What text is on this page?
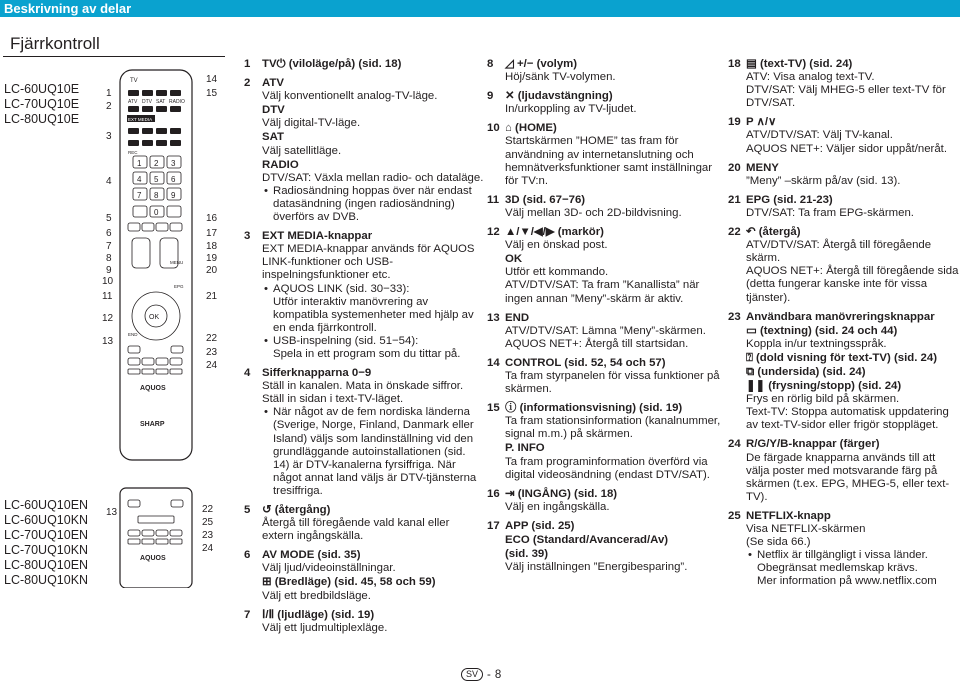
Beskrivning av delar
Fjärrkontroll
LC-60UQ10E
LC-70UQ10E
LC-80UQ10E
LC-60UQ10EN
LC-60UQ10KN
LC-70UQ10EN
LC-70UQ10KN
LC-80UQ10EN
LC-80UQ10KN
TV
ATV DTV SAT RADIO
EXT MEDIA
REC
1 2 3
4 5 6
7 8 9
0
MENU
EPG
END
OK
AQUOS
SHARP
AQUOS
1
2
3
4
5
6
7
8
9
10
11
12
13
14
15
16
17
18
19
20
21
22
23
24
13	22
25
23
24
1 TV⏻ (viloläge/på) (sid. 18)
2 ATV
Välj konventionellt analog-TV-läge.
DTV
Välj digital-TV-läge.
SAT
Välj satellitläge.
RADIO
DTV/SAT: Växla mellan radio- och dataläge.
• Radiosändning hoppas över när endast datasändning (ingen radiosändning) överförs av DVB.
3 EXT MEDIA-knappar
EXT MEDIA-knappar används för AQUOS LINK-funktioner och USB-inspelningsfunktioner etc.
• AQUOS LINK (sid. 30−33):
Utför interaktiv manövrering av kompatibla systemenheter med hjälp av en enda fjärrkontroll.
• USB-inspelning (sid. 51−54):
Spela in ett program som du tittar på.
4 Sifferknapparna 0−9
Ställ in kanalen. Mata in önskade siffror. Ställ in sidan i text-TV-läget.
• När något av de fem nordiska länderna (Sverige, Norge, Finland, Danmark eller Island) väljs som landinställning vid den grundläggande autoinstallationen (sid. 14) är DTV-kanalerna fyrsiffriga. När något annat land väljs är DTV-tjänsterna tresiffriga.
5 ↺ (återgång)
Återgå till föregående vald kanal eller extern ingångskälla.
6 AV MODE (sid. 35)
Välj ljud/videoinställningar.
⊞ (Bredläge) (sid. 45, 58 och 59)
Välj ett bredbildsläge.
7 Ⅰ/Ⅱ (ljudläge) (sid. 19)
Välj ett ljudmultiplexläge.
8 ◿ +/− (volym)
Höj/sänk TV-volymen.
9 ✕ (ljudavstängning)
In/urkoppling av TV-ljudet.
10 ⌂ (HOME)
Startskärmen ”HOME” tas fram för användning av internetanslutning och hemnätverksfunktioner samt inställningar för TV:n.
11 3D (sid. 67−76)
Välj mellan 3D- och 2D-bildvisning.
12 ▲/▼/◀/▶ (markör)
Välj en önskad post.
OK
Utför ett kommando.
ATV/DTV/SAT: Ta fram ”Kanallista” när ingen annan ”Meny”-skärm är aktiv.
13 END
ATV/DTV/SAT: Lämna ”Meny”-skärmen.
AQUOS NET+: Återgå till startsidan.
14 CONTROL (sid. 52, 54 och 57)
Ta fram styrpanelen för vissa funktioner på skärmen.
15 ⓘ (informationsvisning) (sid. 19)
Ta fram stationsinformation (kanalnummer, signal m.m.) på skärmen.
P. INFO
Ta fram programinformation överförd via digital videosändning (endast DTV/SAT).
16 ⇥ (INGÅNG) (sid. 18)
Välj en ingångskälla.
17 APP (sid. 25)
ECO (Standard/Avancerad/Av)
(sid. 39)
Välj inställningen ”Energibesparing”.
18 ▤ (text-TV) (sid. 24)
ATV: Visa analog text-TV.
DTV/SAT: Välj MHEG-5 eller text-TV för DTV/SAT.
19 P ∧/∨
ATV/DTV/SAT: Välj TV-kanal.
AQUOS NET+: Väljer sidor uppåt/neråt.
20 MENY
”Meny” –skärm på/av (sid. 13).
21 EPG (sid. 21-23)
DTV/SAT: Ta fram EPG-skärmen.
22 ↶ (återgå)
ATV/DTV/SAT: Återgå till föregående skärm.
AQUOS NET+: Återgå till föregående sida (detta fungerar kanske inte för vissa tjänster).
23 Användbara manövreringsknappar
▭ (textning) (sid. 24 och 44)
Koppla in/ur textningsspråk.
⍰ (dold visning för text-TV) (sid. 24)
⧉ (undersida) (sid. 24)
❚❚ (frysning/stopp) (sid. 24)
Frys en rörlig bild på skärmen.
Text-TV: Stoppa automatisk uppdatering av text-TV-sidor eller frigör stoppläget.
24 R/G/Y/B-knappar (färger)
De färgade knapparna används till att välja poster med motsvarande färg på skärmen (t.ex. EPG, MHEG-5, eller text-TV).
25 NETFLIX-knapp
Visa NETFLIX-skärmen
(Se sida 66.)
• Netflix är tillgängligt i vissa länder. Obegränsat medlemskap krävs.
Mer information på www.netflix.com
SV - 8
